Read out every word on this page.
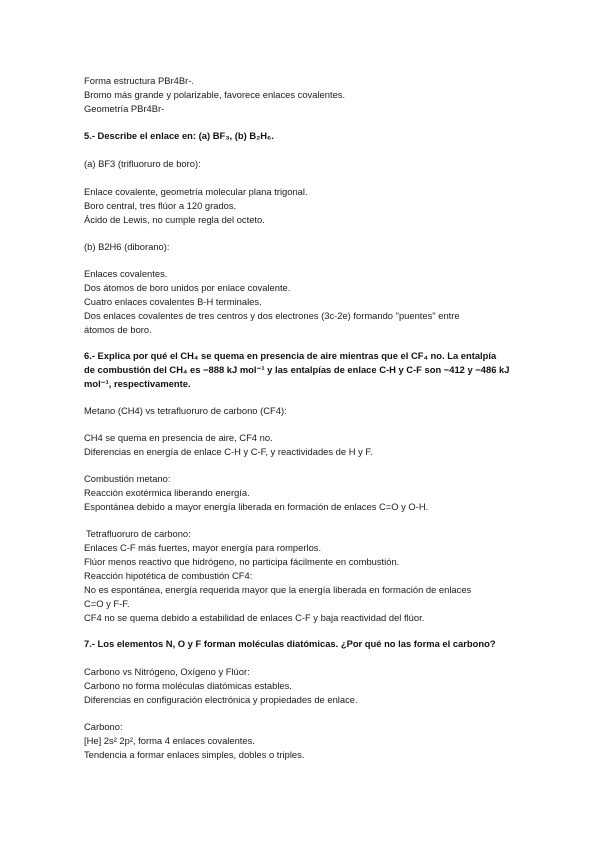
Forma estructura PBr4Br-.
Bromo más grande y polarizable, favorece enlaces covalentes.
Geometría PBr4Br-
5.- Describe el enlace en: (a) BF₃, (b) B₂H₆.
(a) BF3 (trifluoruro de boro):
Enlace covalente, geometría molecular plana trigonal.
Boro central, tres flúor a 120 grados.
Ácido de Lewis, no cumple regla del octeto.
(b) B2H6 (diborano):
Enlaces covalentes.
Dos átomos de boro unidos por enlace covalente.
Cuatro enlaces covalentes B-H terminales.
Dos enlaces covalentes de tres centros y dos electrones (3c-2e) formando "puentes" entre
átomos de boro.
6.- Explica por qué el CH₄ se quema en presencia de aire mientras que el CF₄ no. La entalpía
de combustión del CH₄ es −888 kJ mol⁻¹ y las entalpías de enlace C-H y C-F son −412 y −486 kJ
mol⁻¹, respectivamente.
Metano (CH4) vs tetrafluoruro de carbono (CF4):
CH4 se quema en presencia de aire, CF4 no.
Diferencias en energía de enlace C-H y C-F, y reactividades de H y F.
Combustión metano:
Reacción exotérmica liberando energía.
Espontánea debido a mayor energía liberada en formación de enlaces C=O y O-H.
Tetrafluoruro de carbono:
Enlaces C-F más fuertes, mayor energía para romperlos.
Flúor menos reactivo que hidrógeno, no participa fácilmente en combustión.
Reacción hipotética de combustión CF4:
No es espontánea, energía requerida mayor que la energía liberada en formación de enlaces
C=O y F-F.
CF4 no se quema debido a estabilidad de enlaces C-F y baja reactividad del flúor.
7.- Los elementos N, O y F forman moléculas diatómicas. ¿Por qué no las forma el carbono?
Carbono vs Nitrógeno, Oxígeno y Flúor:
Carbono no forma moléculas diatómicas estables.
Diferencias en configuración electrónica y propiedades de enlace.
Carbono:
[He] 2s² 2p², forma 4 enlaces covalentes.
Tendencia a formar enlaces simples, dobles o triples.
